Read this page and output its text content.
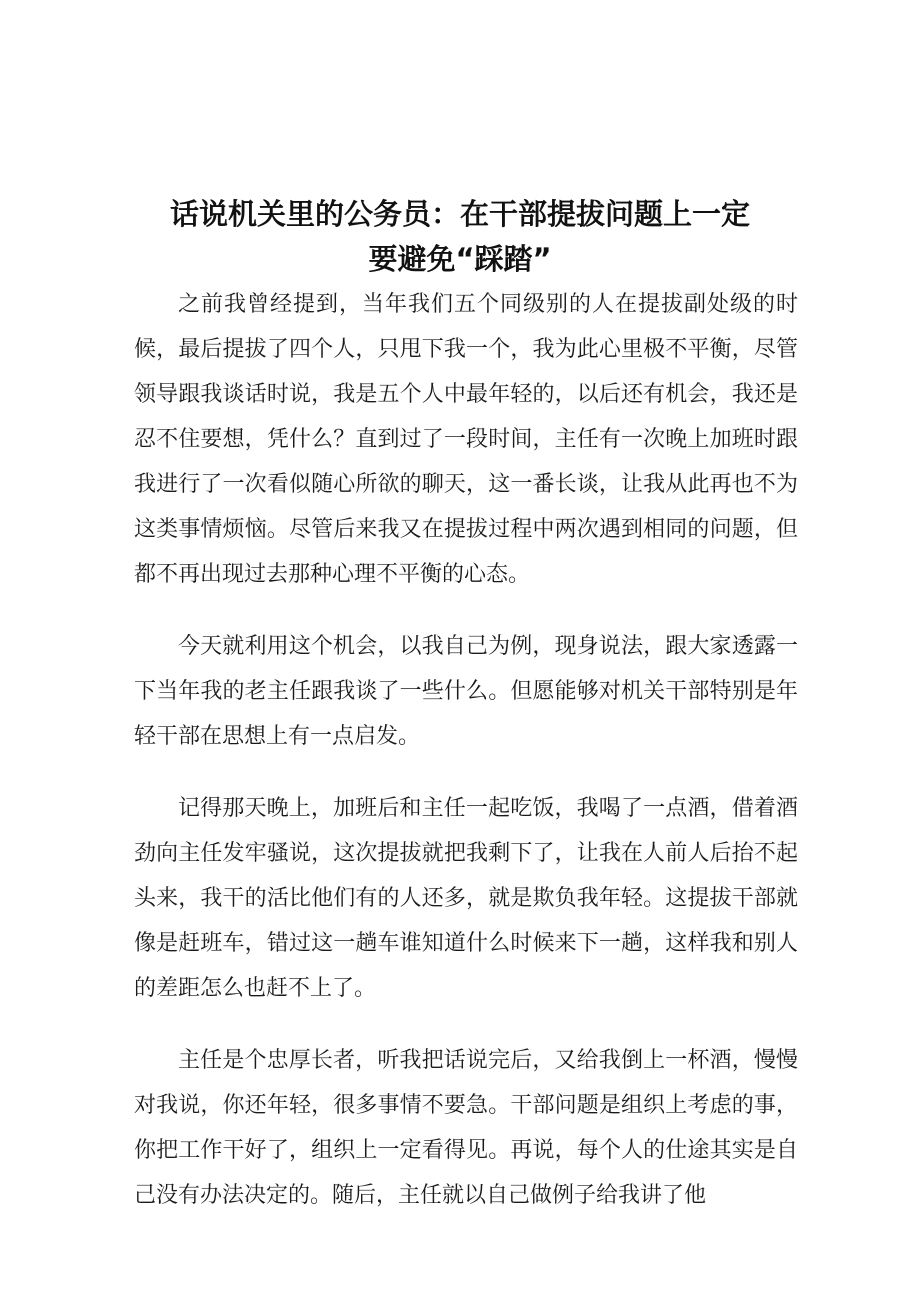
话说机关里的公务员：在干部提拔问题上一定
要避免“踩踏”

之前我曾经提到，当年我们五个同级别的人在提拔副处级的时候，最后提拔了四个人，只甩下我一个，我为此心里极不平衡，尽管领导跟我谈话时说，我是五个人中最年轻的，以后还有机会，我还是忍不住要想，凭什么？直到过了一段时间，主任有一次晚上加班时跟我进行了一次看似随心所欲的聊天，这一番长谈，让我从此再也不为这类事情烦恼。尽管后来我又在提拔过程中两次遇到相同的问题，但都不再出现过去那种心理不平衡的心态。

今天就利用这个机会，以我自己为例，现身说法，跟大家透露一下当年我的老主任跟我谈了一些什么。但愿能够对机关干部特别是年轻干部在思想上有一点启发。

记得那天晚上，加班后和主任一起吃饭，我喝了一点酒，借着酒劲向主任发牢骚说，这次提拔就把我剩下了，让我在人前人后抬不起头来，我干的活比他们有的人还多，就是欺负我年轻。这提拔干部就像是赶班车，错过这一趟车谁知道什么时候来下一趟，这样我和别人的差距怎么也赶不上了。

主任是个忠厚长者，听我把话说完后，又给我倒上一杯酒，慢慢对我说，你还年轻，很多事情不要急。干部问题是组织上考虑的事，你把工作干好了，组织上一定看得见。再说，每个人的仕途其实是自己没有办法决定的。随后，主任就以自己做例子给我讲了他
